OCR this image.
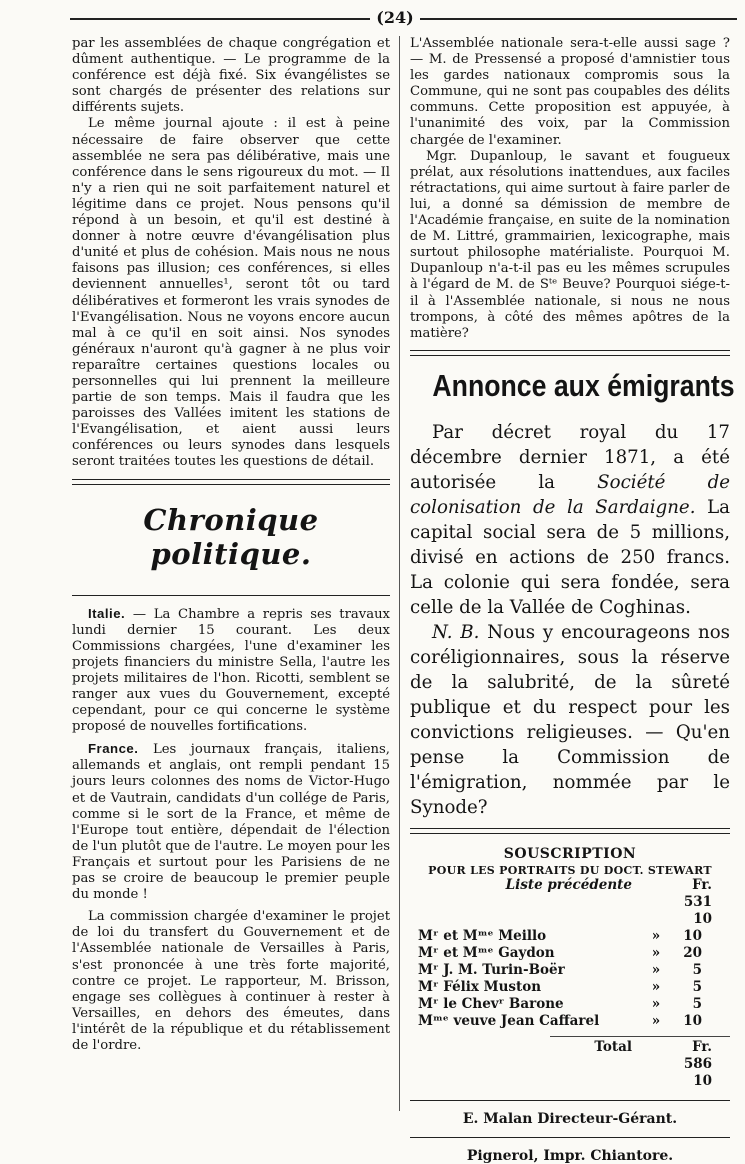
(24)

par les assemblées de chaque congrégation et dûment authentique. — Le programme de la conférence est déjà fixé. Six évangélistes se sont chargés de présenter des relations sur différents sujets.

Le même journal ajoute : il est à peine nécessaire de faire observer que cette assemblée ne sera pas délibérative, mais une conférence dans le sens rigoureux du mot. — Il n'y a rien qui ne soit parfaitement naturel et légitime dans ce projet. Nous pensons qu'il répond à un besoin, et qu'il est destiné à donner à notre œuvre d'évangélisation plus d'unité et plus de cohésion. Mais nous ne nous faisons pas illusion; ces conférences, si elles deviennent annuelles¹, seront tôt ou tard délibératives et formeront les vrais synodes de l'Evangélisation. Nous ne voyons encore aucun mal à ce qu'il en soit ainsi. Nos synodes généraux n'auront qu'à gagner à ne plus voir reparaître certaines questions locales ou personnelles qui lui prennent la meilleure partie de son temps. Mais il faudra que les paroisses des Vallées imitent les stations de l'Evangélisation, et aient aussi leurs conférences ou leurs synodes dans lesquels seront traitées toutes les questions de détail.

Chronique politique.

Italie. — La Chambre a repris ses travaux lundi dernier 15 courant. Les deux Commissions chargées, l'une d'examiner les projets financiers du ministre Sella, l'autre les projets militaires de l'hon. Ricotti, semblent se ranger aux vues du Gouvernement, excepté cependant, pour ce qui concerne le système proposé de nouvelles fortifications.

France. Les journaux français, italiens, allemands et anglais, ont rempli pendant 15 jours leurs colonnes des noms de Victor-Hugo et de Vautrain, candidats d'un collége de Paris, comme si le sort de la France, et même de l'Europe tout entière, dépendait de l'élection de l'un plutôt que de l'autre. Le moyen pour les Français et surtout pour les Parisiens de ne pas se croire de beaucoup le premier peuple du monde !

La commission chargée d'examiner le projet de loi du transfert du Gouvernement et de l'Assemblée nationale de Versailles à Paris, s'est prononcée à une très forte majorité, contre ce projet. Le rapporteur, M. Brisson, engage ses collègues à continuer à rester à Versailles, en dehors des émeutes, dans l'intérêt de la république et du rétablissement de l'ordre.

L'Assemblée nationale sera-t-elle aussi sage ? — M. de Pressensé a proposé d'amnistier tous les gardes nationaux compromis sous la Commune, qui ne sont pas coupables des délits communs. Cette proposition est appuyée, à l'unanimité des voix, par la Commission chargée de l'examiner.

Mgr. Dupanloup, le savant et fougueux prélat, aux résolutions inattendues, aux faciles rétractations, qui aime surtout à faire parler de lui, a donné sa démission de membre de l'Académie française, en suite de la nomination de M. Littré, grammairien, lexicographe, mais surtout philosophe matérialiste. Pourquoi M. Dupanloup n'a-t-il pas eu les mêmes scrupules à l'égard de M. de Sᵗᵉ Beuve? Pourquoi siége-t-il à l'Assemblée nationale, si nous ne nous trompons, à côté des mêmes apôtres de la matière?

Annonce aux émigrants

Par décret royal du 17 décembre dernier 1871, a été autorisée la Société de colonisation de la Sardaigne. La capital social sera de 5 millions, divisé en actions de 250 francs. La colonie qui sera fondée, sera celle de la Vallée de Coghinas.

N. B. Nous y encourageons nos coréligionnaires, sous la réserve de la salubrité, de la sûreté publique et du respect pour les convictions religieuses. — Qu'en pense la Commission de l'émigration, nommée par le Synode?

SOUSCRIPTION
POUR LES PORTRAITS DU DOCT. STEWART
Liste précédente	Fr. 531 10
Mʳ et Mᵐᵉ Meillo	»	10
Mʳ et Mᵐᵉ Gaydon	»	20
Mʳ J. M. Turin-Boër	»	5
Mʳ Félix Muston	»	5
Mʳ le Chevʳ Barone	»	5
Mᵐᵉ veuve Jean Caffarel	»	10
Total	Fr. 586 10
E. Malan Directeur-Gérant.
Pignerol, Impr. Chiantore.
